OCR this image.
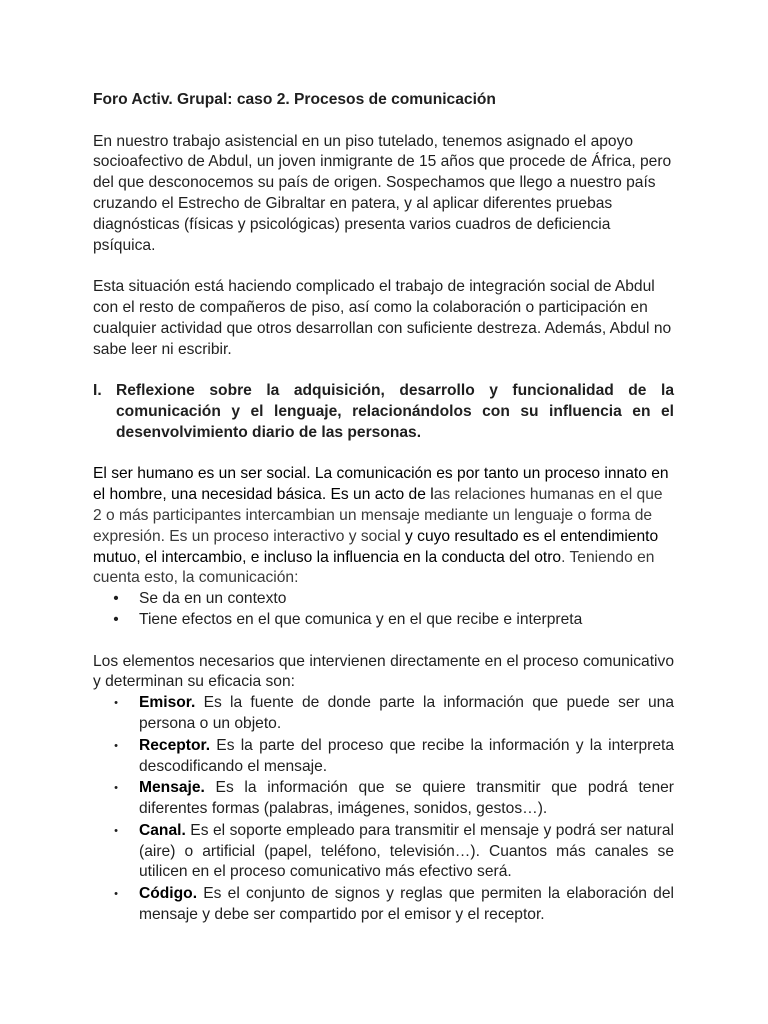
Foro Activ. Grupal: caso 2. Procesos de comunicación

En nuestro trabajo asistencial en un piso tutelado, tenemos asignado el apoyo socioafectivo de Abdul, un joven inmigrante de 15 años que procede de África, pero del que desconocemos su país de origen. Sospechamos que llego a nuestro país cruzando el Estrecho de Gibraltar en patera, y al aplicar diferentes pruebas diagnósticas (físicas y psicológicas) presenta varios cuadros de deficiencia psíquica.

Esta situación está haciendo complicado el trabajo de integración social de Abdul con el resto de compañeros de piso, así como la colaboración o participación en cualquier actividad que otros desarrollan con suficiente destreza. Además, Abdul no sabe leer ni escribir.

I. Reflexione sobre la adquisición, desarrollo y funcionalidad de la comunicación y el lenguaje, relacionándolos con su influencia en el desenvolvimiento diario de las personas.

El ser humano es un ser social. La comunicación es por tanto un proceso innato en el hombre, una necesidad básica. Es un acto de las relaciones humanas en el que 2 o más participantes intercambian un mensaje mediante un lenguaje o forma de expresión. Es un proceso interactivo y social y cuyo resultado es el entendimiento mutuo, el intercambio, e incluso la influencia en la conducta del otro. Teniendo en cuenta esto, la comunicación:

•	Se da en un contexto
•	Tiene efectos en el que comunica y en el que recibe e interpreta

Los elementos necesarios que intervienen directamente en el proceso comunicativo y determinan su eficacia son:

•	Emisor. Es la fuente de donde parte la información que puede ser una persona o un objeto.
•	Receptor. Es la parte del proceso que recibe la información y la interpreta descodificando el mensaje.
•	Mensaje. Es la información que se quiere transmitir que podrá tener diferentes formas (palabras, imágenes, sonidos, gestos…).
•	Canal. Es el soporte empleado para transmitir el mensaje y podrá ser natural (aire) o artificial (papel, teléfono, televisión…). Cuantos más canales se utilicen en el proceso comunicativo más efectivo será.
•	Código. Es el conjunto de signos y reglas que permiten la elaboración del mensaje y debe ser compartido por el emisor y el receptor.
